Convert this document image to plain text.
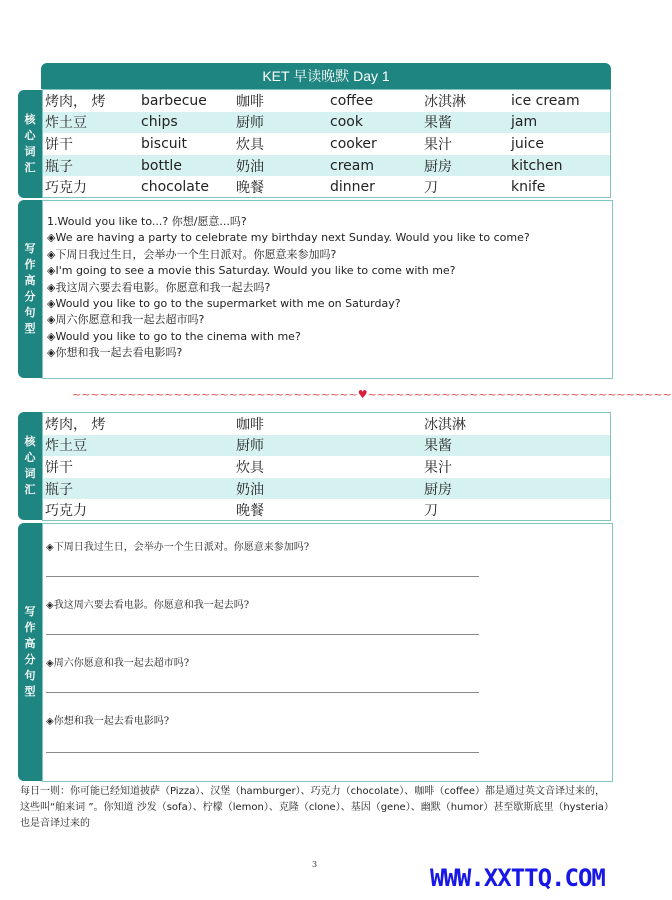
KET 早读晚默 Day 1
核
心
词
汇
烤肉， 烤	barbecue	咖啡	coffee	冰淇淋	ice cream
炸土豆	chips	厨师	cook	果酱	jam
饼干	biscuit	炊具	cooker	果汁	juice
瓶子	bottle	奶油	cream	厨房	kitchen
巧克力	chocolate	晚餐	dinner	刀	knife
写
作
高
分
句
型
1.Would you like to...? 你想/愿意...吗?
◈We are having a party to celebrate my birthday next Sunday. Would you like to come?
◈下周日我过生日，会举办一个生日派对。你愿意来参加吗?
◈I'm going to see a movie this Saturday. Would you like to come with me?
◈我这周六要去看电影。你愿意和我一起去吗?
◈Would you like to go to the supermarket with me on Saturday?
◈周六你愿意和我一起去超市吗?
◈Would you like to go to the cinema with me?
◈你想和我一起去看电影吗?
~~~~~~~~~~~~~~~~~~~~~~~~~~~~~~~♥~~~~~~~~~~~~~~~~~~~~~~~~~~~~~~~~~
核
心
词
汇
烤肉， 烤	咖啡	冰淇淋
炸土豆	厨师	果酱
饼干	炊具	果汁
瓶子	奶油	厨房
巧克力	晚餐	刀
写
作
高
分
句
型
◈下周日我过生日，会举办一个生日派对。你愿意来参加吗?
◈我这周六要去看电影。你愿意和我一起去吗?
◈周六你愿意和我一起去超市吗?
◈你想和我一起去看电影吗?
每日一则：你可能已经知道披萨（Pizza）、汉堡（hamburger）、巧克力（chocolate）、咖啡（coffee）都是通过英文音译过来的，这些叫“舶来词 ”。你知道 沙发（sofa）、柠檬（lemon）、克隆（clone）、基因（gene）、幽默（humor）甚至歇斯底里（hysteria）也是音译过来的
3	WWW.XXTTQ.COM
